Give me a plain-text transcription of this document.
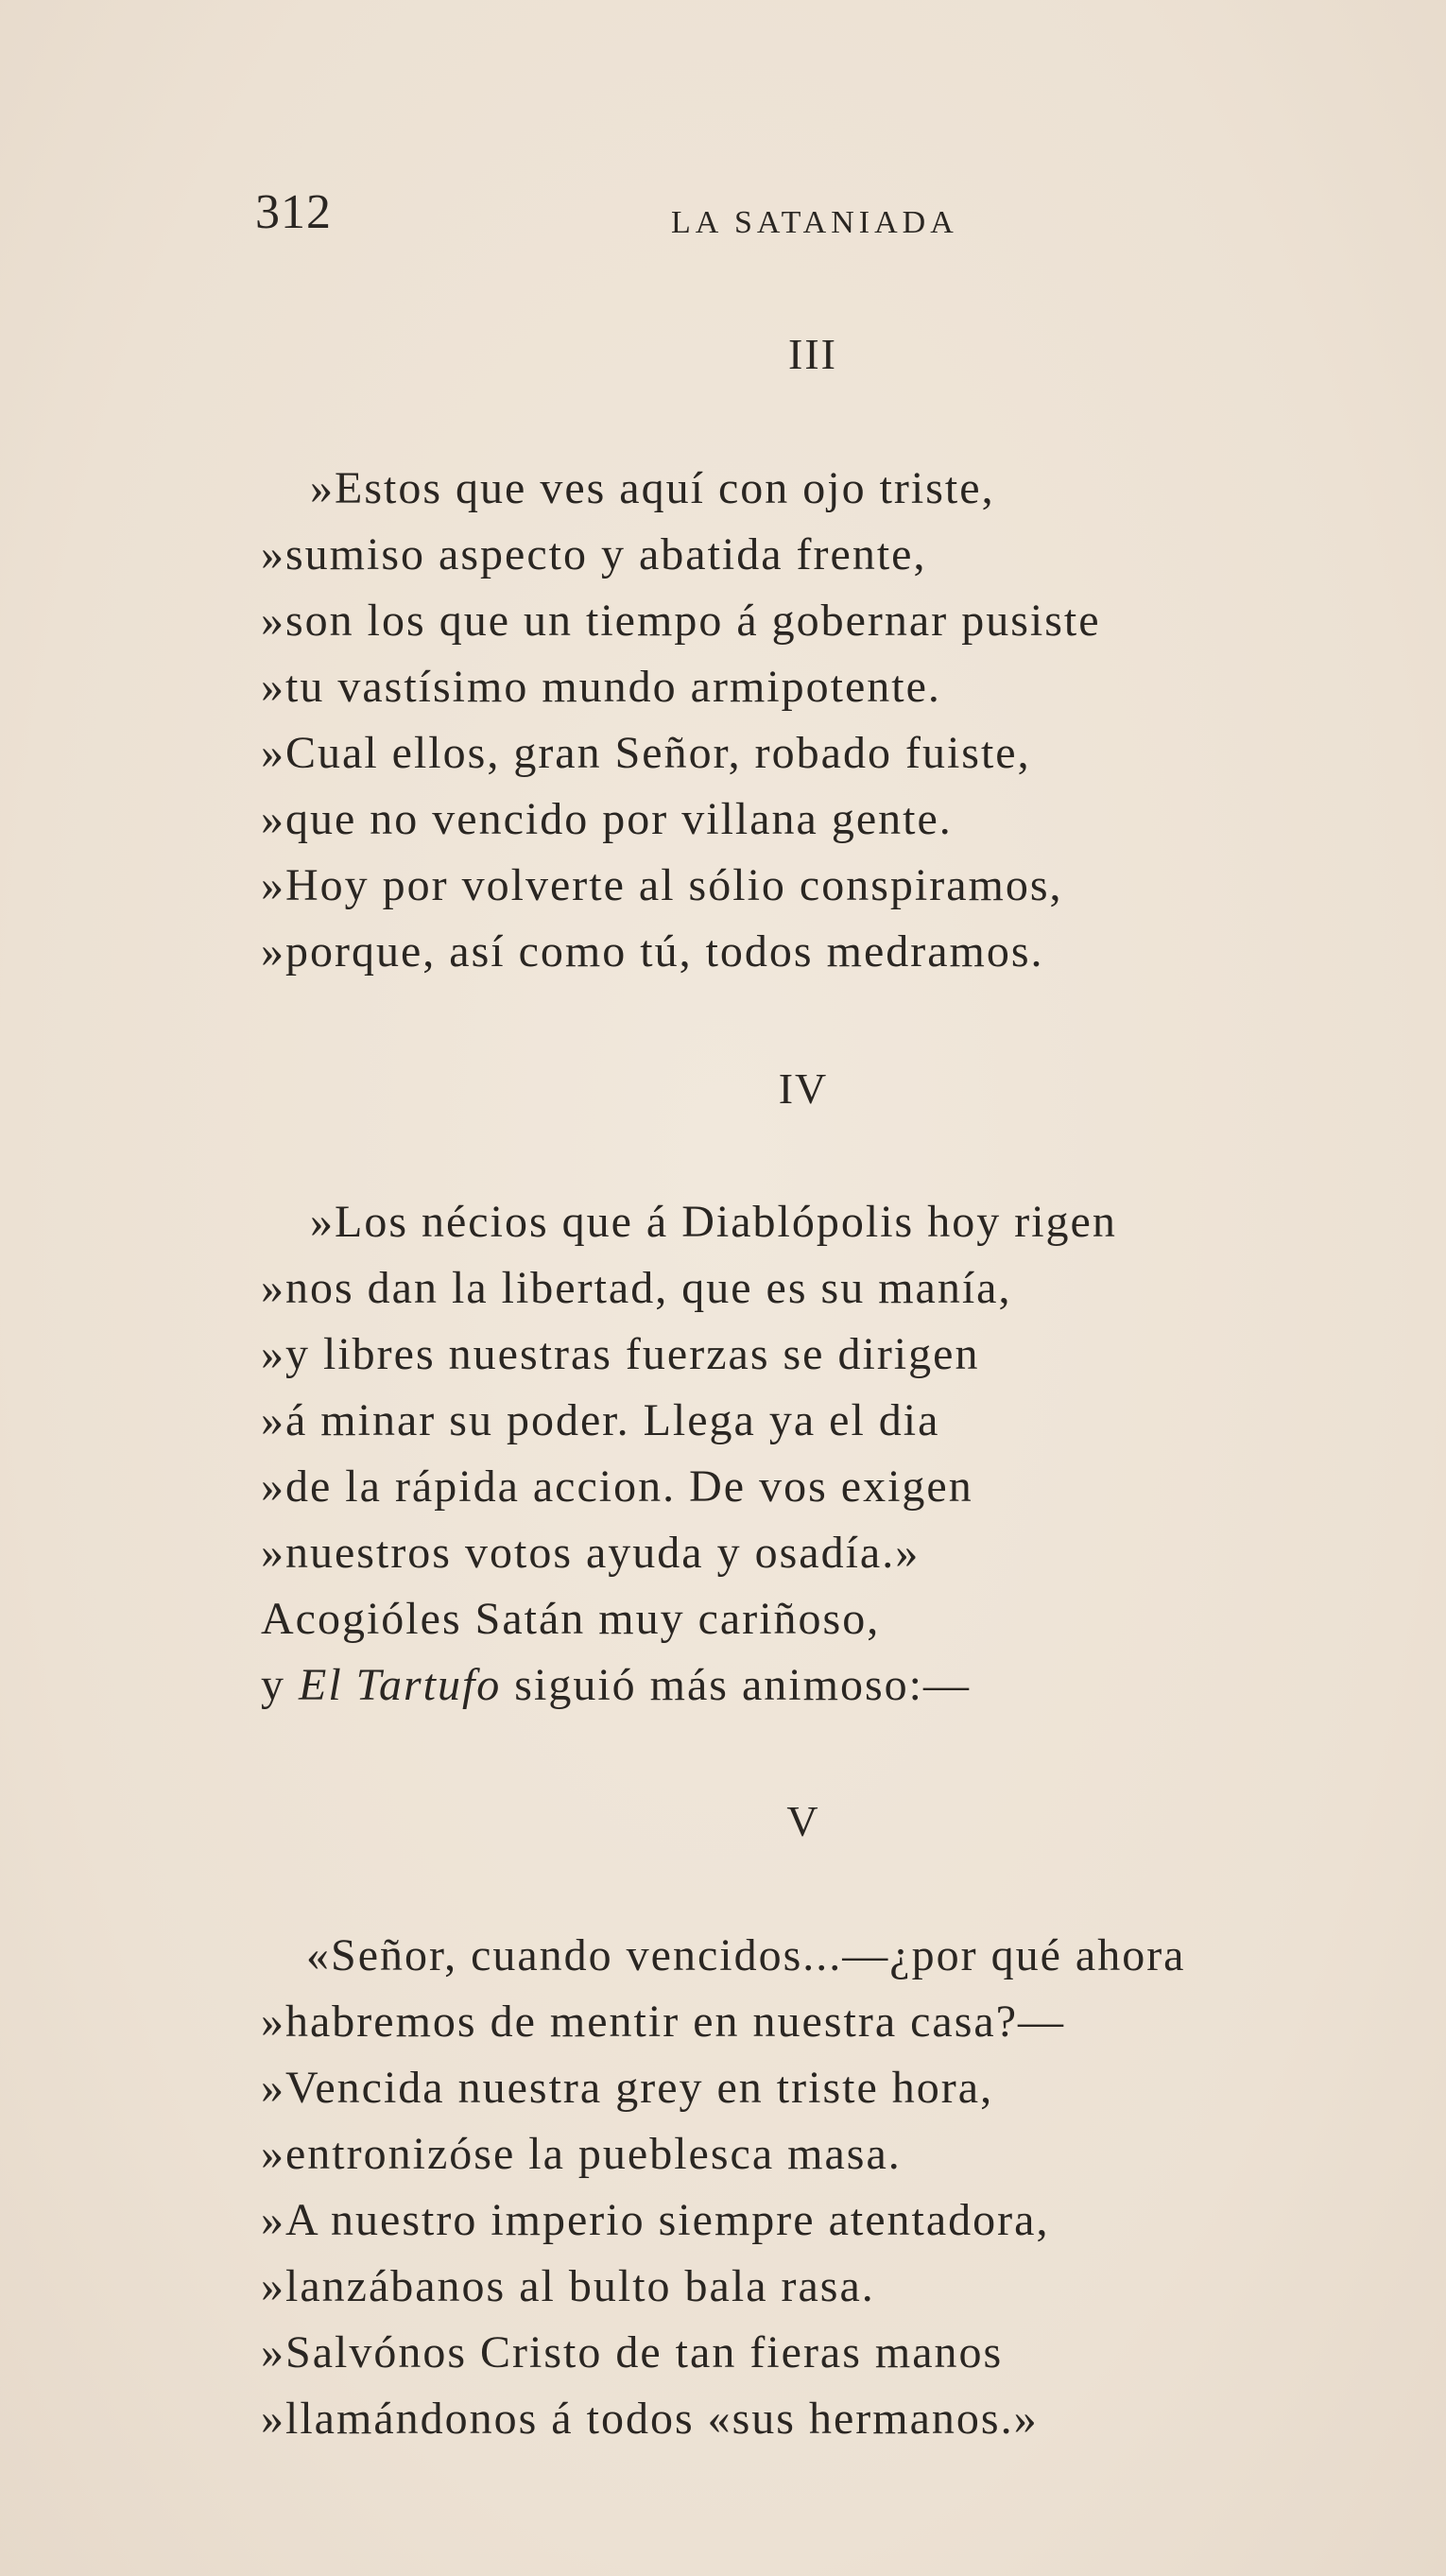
312	LA SATANIADA
III
»Estos que ves aquí con ojo triste,
»sumiso aspecto y abatida frente,
»son los que un tiempo á gobernar pusiste
»tu vastísimo mundo armipotente.
»Cual ellos, gran Señor, robado fuiste,
»que no vencido por villana gente.
»Hoy por volverte al sólio conspiramos,
»porque, así como tú, todos medramos.
IV
»Los nécios que á Diablópolis hoy rigen
»nos dan la libertad, que es su manía,
»y libres nuestras fuerzas se dirigen
»á minar su poder. Llega ya el dia
»de la rápida accion. De vos exigen
»nuestros votos ayuda y osadía.»
Acogióles Satán muy cariñoso,
y El Tartufo siguió más animoso:—
V
«Señor, cuando vencidos...—¿por qué ahora
»habremos de mentir en nuestra casa?—
»Vencida nuestra grey en triste hora,
»entronizóse la pueblesca masa.
»A nuestro imperio siempre atentadora,
»lanzábanos al bulto bala rasa.
»Salvónos Cristo de tan fieras manos
»llamándonos á todos «sus hermanos.»
